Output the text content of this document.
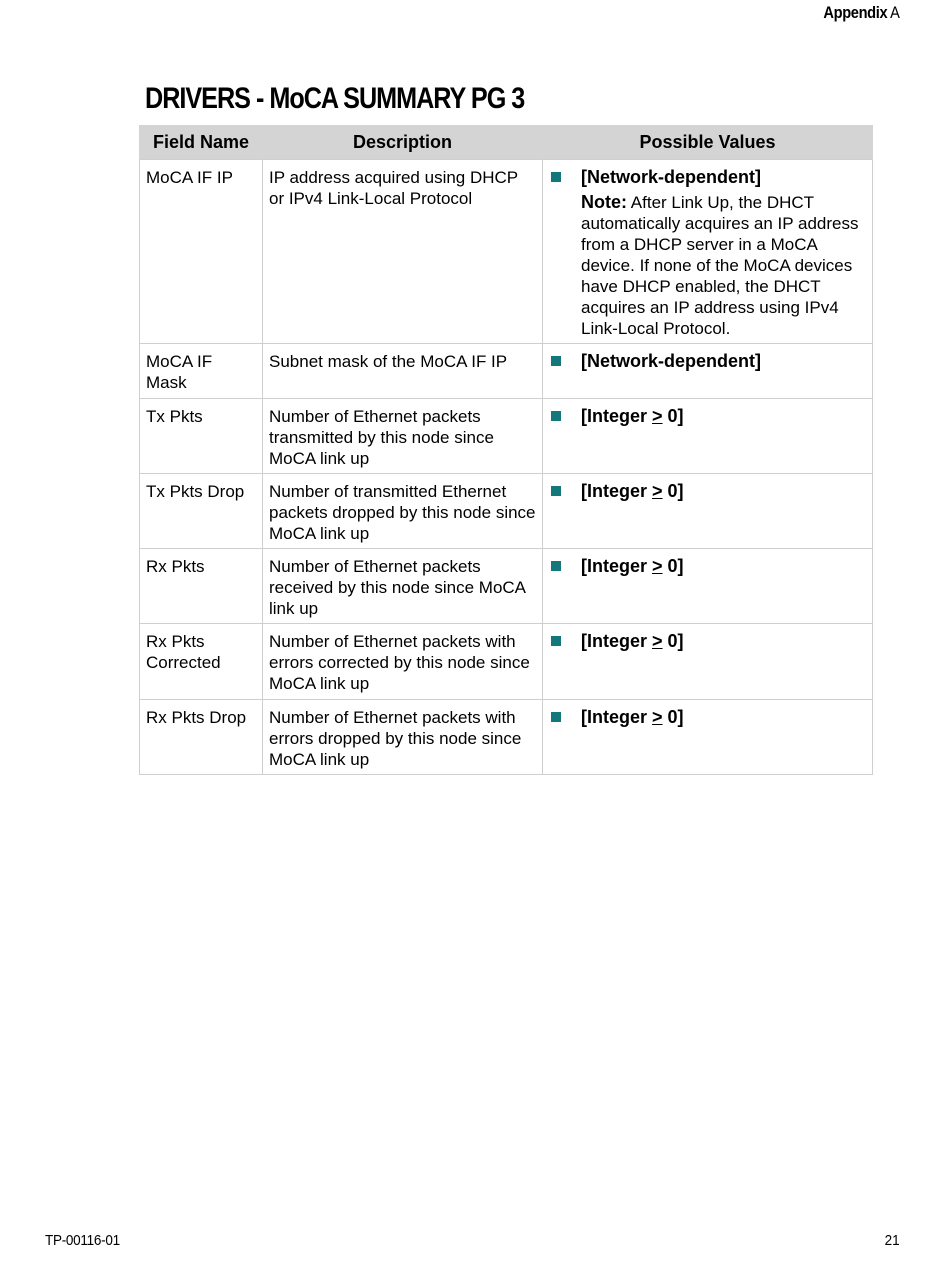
Appendix A
DRIVERS - MoCA SUMMARY PG 3
Field Name	Description	Possible Values
MoCA IF IP	IP address acquired using DHCP or IPv4 Link-Local Protocol	[Network-dependent]
Note: After Link Up, the DHCT automatically acquires an IP address from a DHCP server in a MoCA device. If none of the MoCA devices have DHCP enabled, the DHCT acquires an IP address using IPv4 Link-Local Protocol.

MoCA IF Mask	Subnet mask of the MoCA IF IP	[Network-dependent]

Tx Pkts	Number of Ethernet packets transmitted by this node since MoCA link up	[Integer > 0]

Tx Pkts Drop	Number of transmitted Ethernet packets dropped by this node since MoCA link up	[Integer > 0]

Rx Pkts	Number of Ethernet packets received by this node since MoCA link up	[Integer > 0]

Rx Pkts Corrected	Number of Ethernet packets with errors corrected by this node since MoCA link up	[Integer > 0]

Rx Pkts Drop	Number of Ethernet packets with errors dropped by this node since MoCA link up	[Integer > 0]
TP-00116-01	21
